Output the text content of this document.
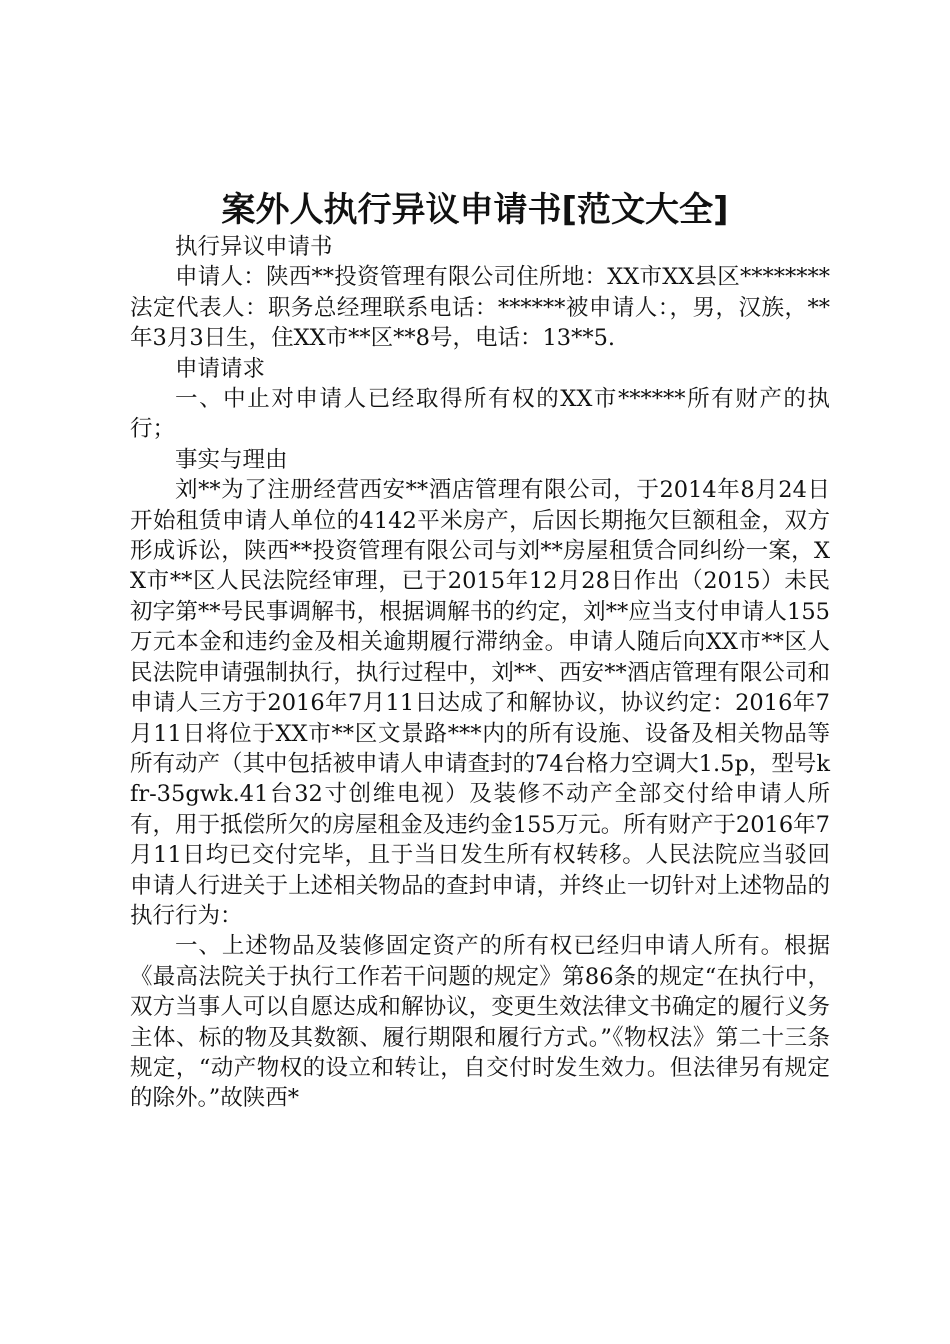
案外人执行异议申请书[范文大全]

执行异议申请书

申请人：陕西**投资管理有限公司住所地：XX市XX县区********法定代表人：职务总经理联系电话：******被申请人：，男，汉族，**年3月3日生，住XX市**区**8号，电话：13**5.

申请请求

一、中止对申请人已经取得所有权的XX市******所有财产的执行；

事实与理由

刘**为了注册经营西安**酒店管理有限公司，于2014年8月24日开始租赁申请人单位的4142平米房产，后因长期拖欠巨额租金，双方形成诉讼，陕西**投资管理有限公司与刘**房屋租赁合同纠纷一案，XX市**区人民法院经审理，已于2015年12月28日作出（2015）未民初字第**号民事调解书，根据调解书的约定，刘**应当支付申请人155万元本金和违约金及相关逾期履行滞纳金。申请人随后向XX市**区人民法院申请强制执行，执行过程中，刘**、西安**酒店管理有限公司和申请人三方于2016年7月11日达成了和解协议，协议约定：2016年7月11日将位于XX市**区文景路***内的所有设施、设备及相关物品等所有动产（其中包括被申请人申请查封的74台格力空调大1.5p，型号kfr-35gwk.41台32寸创维电视）及装修不动产全部交付给申请人所有，用于抵偿所欠的房屋租金及违约金155万元。所有财产于2016年7月11日均已交付完毕，且于当日发生所有权转移。人民法院应当驳回申请人行进关于上述相关物品的查封申请，并终止一切针对上述物品的执行行为：

一、上述物品及装修固定资产的所有权已经归申请人所有。根据《最高法院关于执行工作若干问题的规定》第86条的规定“在执行中，双方当事人可以自愿达成和解协议，变更生效法律文书确定的履行义务主体、标的物及其数额、履行期限和履行方式。”《物权法》第二十三条规定，“动产物权的设立和转让，自交付时发生效力。但法律另有规定的除外。”故陕西*
